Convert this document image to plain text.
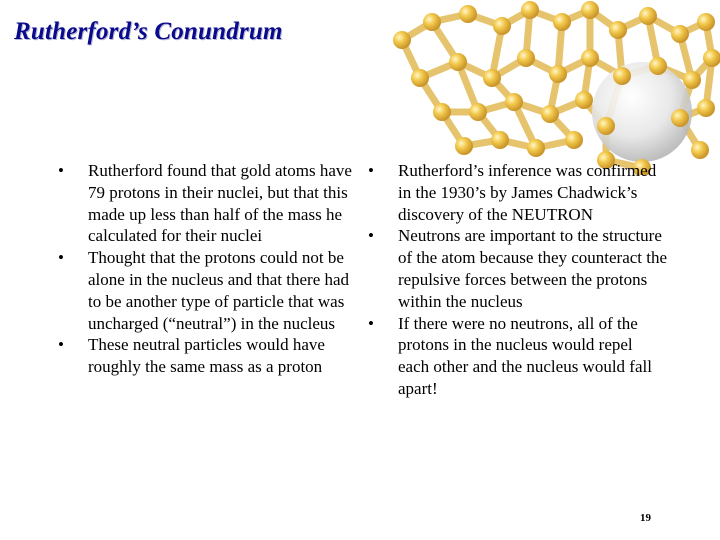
Rutherford’s Conundrum
•	Rutherford found that gold atoms have 79 protons in their nuclei, but that this made up less than half of the mass he calculated for their nuclei
•	Thought that the protons could not be alone in the nucleus and that there had to be another type of particle that was uncharged (“neutral”) in the nucleus
•	These neutral particles would have roughly the same mass as a proton
•	Rutherford’s inference was confirmed in the 1930’s by James Chadwick’s discovery of the NEUTRON
•	Neutrons are important to the structure of the atom because they counteract the repulsive forces between the protons within the nucleus
•	If there were no neutrons, all of the protons in the nucleus would repel each other and the nucleus would fall apart!
19
